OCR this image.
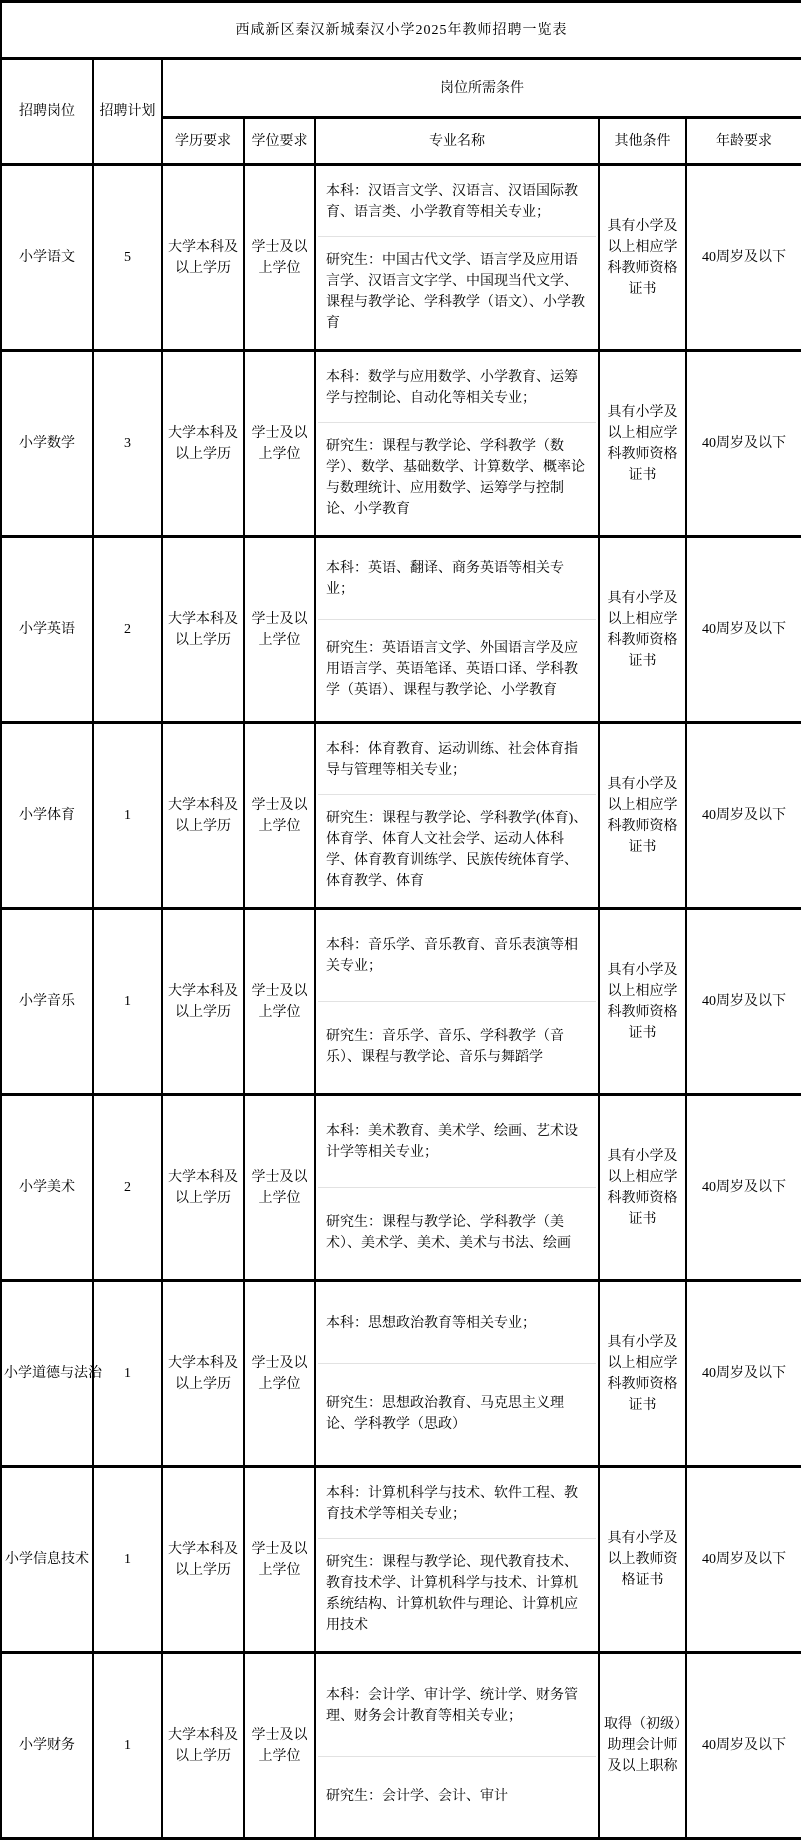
西咸新区秦汉新城秦汉小学2025年教师招聘一览表						
招聘岗位	招聘计划	岗位所需条件				
		学历要求	学位要求	专业名称	其他条件	年龄要求
小学语文	5	大学本科及以上学历	学士及以上学位	本科：汉语言文学、汉语言、汉语国际教育、语言类、小学教育等相关专业；
研究生：中国古代文学、语言学及应用语言学、汉语言文字学、中国现当代文学、课程与教学论、学科教学（语文）、小学教育	具有小学及以上相应学科教师资格证书	40周岁及以下
小学数学	3	大学本科及以上学历	学士及以上学位	本科：数学与应用数学、小学教育、运筹学与控制论、自动化等相关专业；
研究生：课程与教学论、学科教学（数学）、数学、基础数学、计算数学、概率论与数理统计、应用数学、运筹学与控制论、小学教育	具有小学及以上相应学科教师资格证书	40周岁及以下
小学英语	2	大学本科及以上学历	学士及以上学位	本科：英语、翻译、商务英语等相关专业；
研究生：英语语言文学、外国语言学及应用语言学、英语笔译、英语口译、学科教学（英语）、课程与教学论、小学教育	具有小学及以上相应学科教师资格证书	40周岁及以下
小学体育	1	大学本科及以上学历	学士及以上学位	本科：体育教育、运动训练、社会体育指导与管理等相关专业；
研究生：课程与教学论、学科教学(体育)、体育学、体育人文社会学、运动人体科学、体育教育训练学、民族传统体育学、体育教学、体育	具有小学及以上相应学科教师资格证书	40周岁及以下
小学音乐	1	大学本科及以上学历	学士及以上学位	本科：音乐学、音乐教育、音乐表演等相关专业；
研究生：音乐学、音乐、学科教学（音乐）、课程与教学论、音乐与舞蹈学	具有小学及以上相应学科教师资格证书	40周岁及以下
小学美术	2	大学本科及以上学历	学士及以上学位	本科：美术教育、美术学、绘画、艺术设计学等相关专业；
研究生：课程与教学论、学科教学（美术）、美术学、美术、美术与书法、绘画	具有小学及以上相应学科教师资格证书	40周岁及以下
小学道德与法治	1	大学本科及以上学历	学士及以上学位	本科：思想政治教育等相关专业；
研究生：思想政治教育、马克思主义理论、学科教学（思政）	具有小学及以上相应学科教师资格证书	40周岁及以下
小学信息技术	1	大学本科及以上学历	学士及以上学位	本科：计算机科学与技术、软件工程、教育技术学等相关专业；
研究生：课程与教学论、现代教育技术、教育技术学、计算机科学与技术、计算机系统结构、计算机软件与理论、计算机应用技术	具有小学及以上教师资格证书	40周岁及以下
小学财务	1	大学本科及以上学历	学士及以上学位	本科：会计学、审计学、统计学、财务管理、财务会计教育等相关专业；
研究生：会计学、会计、审计	取得（初级）助理会计师及以上职称	40周岁及以下
